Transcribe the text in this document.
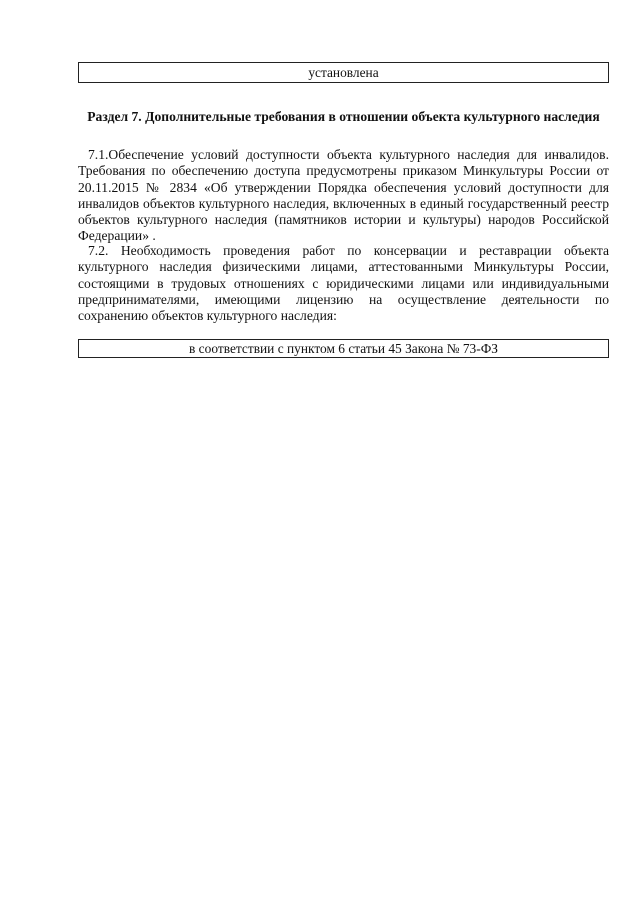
установлена
Раздел 7. Дополнительные требования в отношении объекта культурного наследия

7.1.Обеспечение условий доступности объекта культурного наследия для инвалидов. Требования по обеспечению доступа предусмотрены приказом Минкультуры России от 20.11.2015 № 2834 «Об утверждении Порядка обеспечения условий доступности для инвалидов объектов культурного наследия, включенных в единый государственный реестр объектов культурного наследия (памятников истории и культуры) народов Российской Федерации» .

7.2. Необходимость проведения работ по консервации и реставрации объекта культурного наследия физическими лицами, аттестованными Минкультуры России, состоящими в трудовых отношениях с юридическими лицами или индивидуальными предпринимателями, имеющими лицензию на осуществление деятельности по сохранению объектов культурного наследия:

в соответствии с пунктом 6 статьи 45 Закона № 73-ФЗ
